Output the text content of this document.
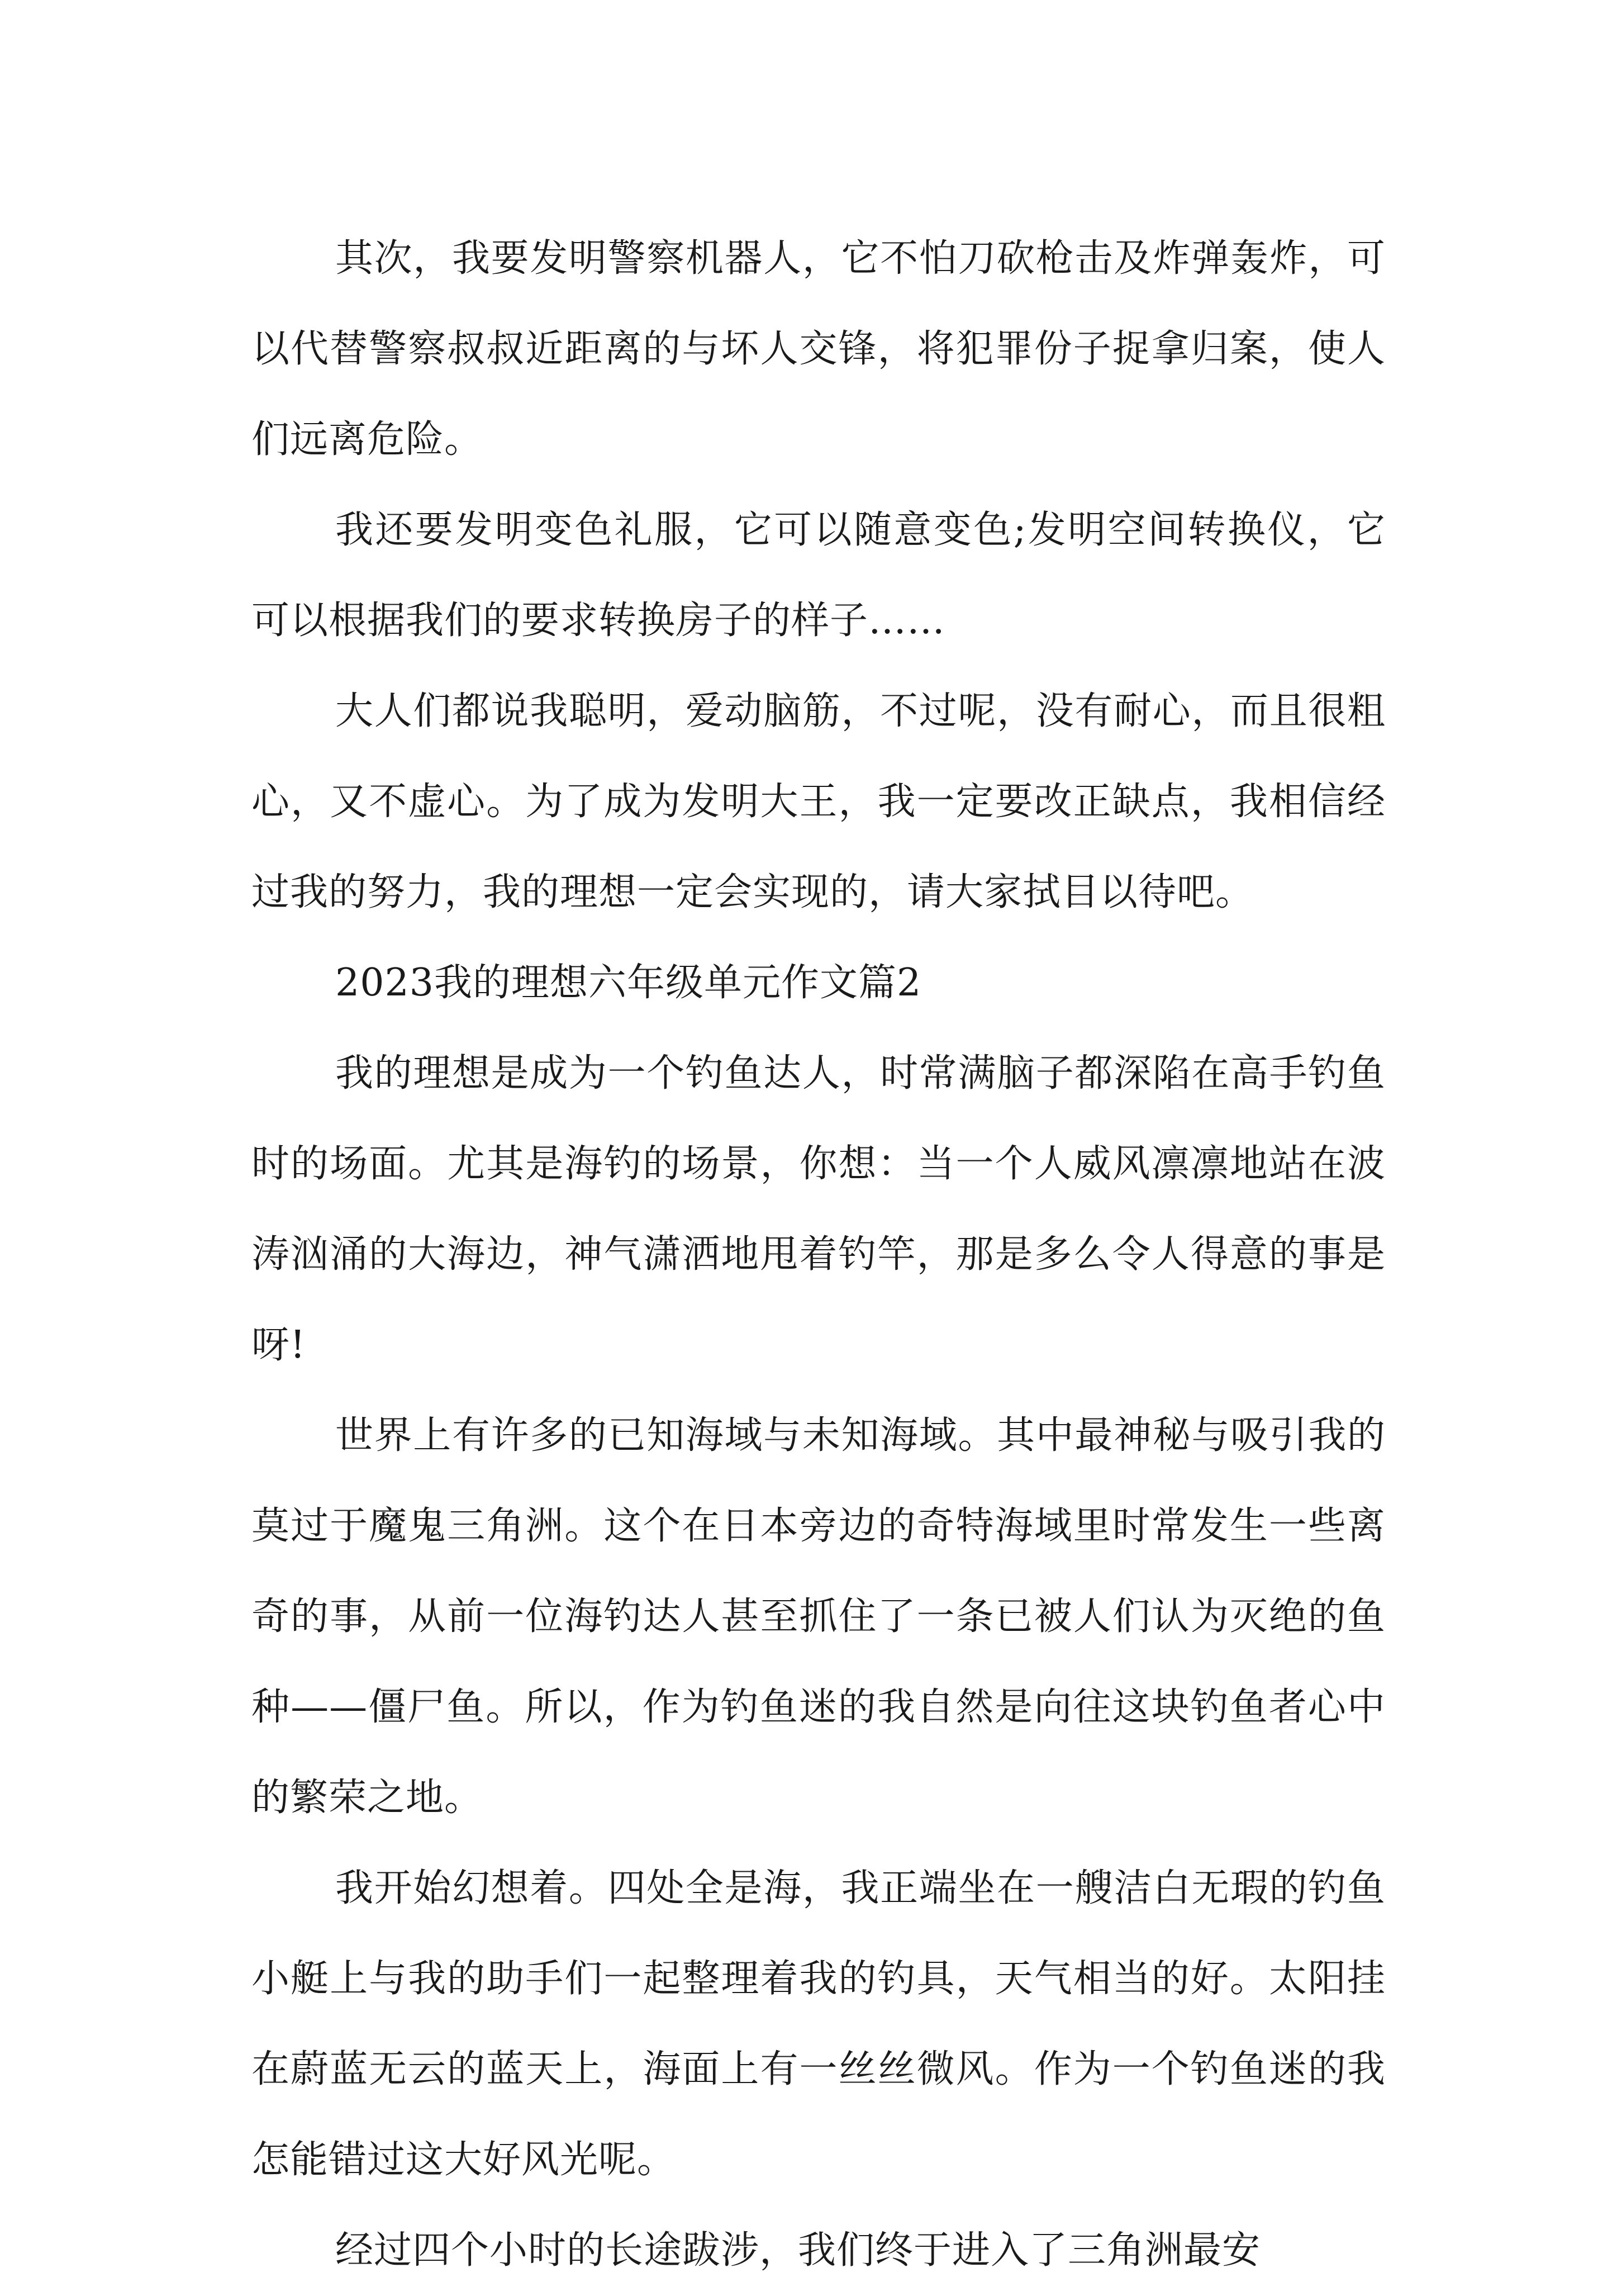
其次，我要发明警察机器人，它不怕刀砍枪击及炸弹轰炸，可以代替警察叔叔近距离的与坏人交锋，将犯罪份子捉拿归案，使人们远离危险。

我还要发明变色礼服，它可以随意变色;发明空间转换仪，它可以根据我们的要求转换房子的样子……

大人们都说我聪明，爱动脑筋，不过呢，没有耐心，而且很粗心，又不虚心。为了成为发明大王，我一定要改正缺点，我相信经过我的努力，我的理想一定会实现的，请大家拭目以待吧。

2023我的理想六年级单元作文篇2

我的理想是成为一个钓鱼达人，时常满脑子都深陷在高手钓鱼时的场面。尤其是海钓的场景，你想：当一个人威风凛凛地站在波涛汹涌的大海边，神气潇洒地甩着钓竿，那是多么令人得意的事是呀!

世界上有许多的已知海域与未知海域。其中最神秘与吸引我的莫过于魔鬼三角洲。这个在日本旁边的奇特海域里时常发生一些离奇的事，从前一位海钓达人甚至抓住了一条已被人们认为灭绝的鱼种——僵尸鱼。所以，作为钓鱼迷的我自然是向往这块钓鱼者心中的繁荣之地。

我开始幻想着。四处全是海，我正端坐在一艘洁白无瑕的钓鱼小艇上与我的助手们一起整理着我的钓具，天气相当的好。太阳挂在蔚蓝无云的蓝天上，海面上有一丝丝微风。作为一个钓鱼迷的我怎能错过这大好风光呢。

经过四个小时的长途跋涉，我们终于进入了三角洲最安
